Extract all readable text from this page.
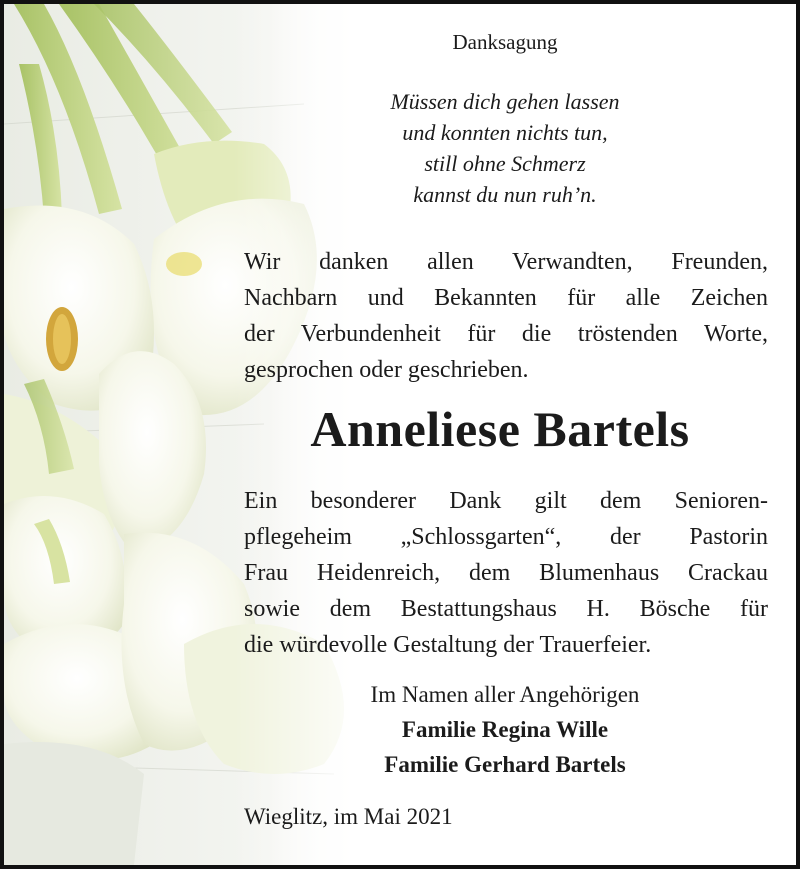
Danksagung
Müssen dich gehen lassen
und konnten nichts tun,
still ohne Schmerz
kannst du nun ruh’n.
Wir danken allen Verwandten, Freunden,
Nachbarn und Bekannten für alle Zeichen
der Verbundenheit für die tröstenden Worte,
gesprochen oder geschrieben.
Anneliese Bartels
Ein besonderer Dank gilt dem Senioren-
pflegeheim „Schlossgarten“, der Pastorin
Frau Heidenreich, dem Blumenhaus Crackau
sowie dem Bestattungshaus H. Bösche für
die würdevolle Gestaltung der Trauerfeier.
Im Namen aller Angehörigen
Familie Regina Wille
Familie Gerhard Bartels
Wieglitz, im Mai 2021
